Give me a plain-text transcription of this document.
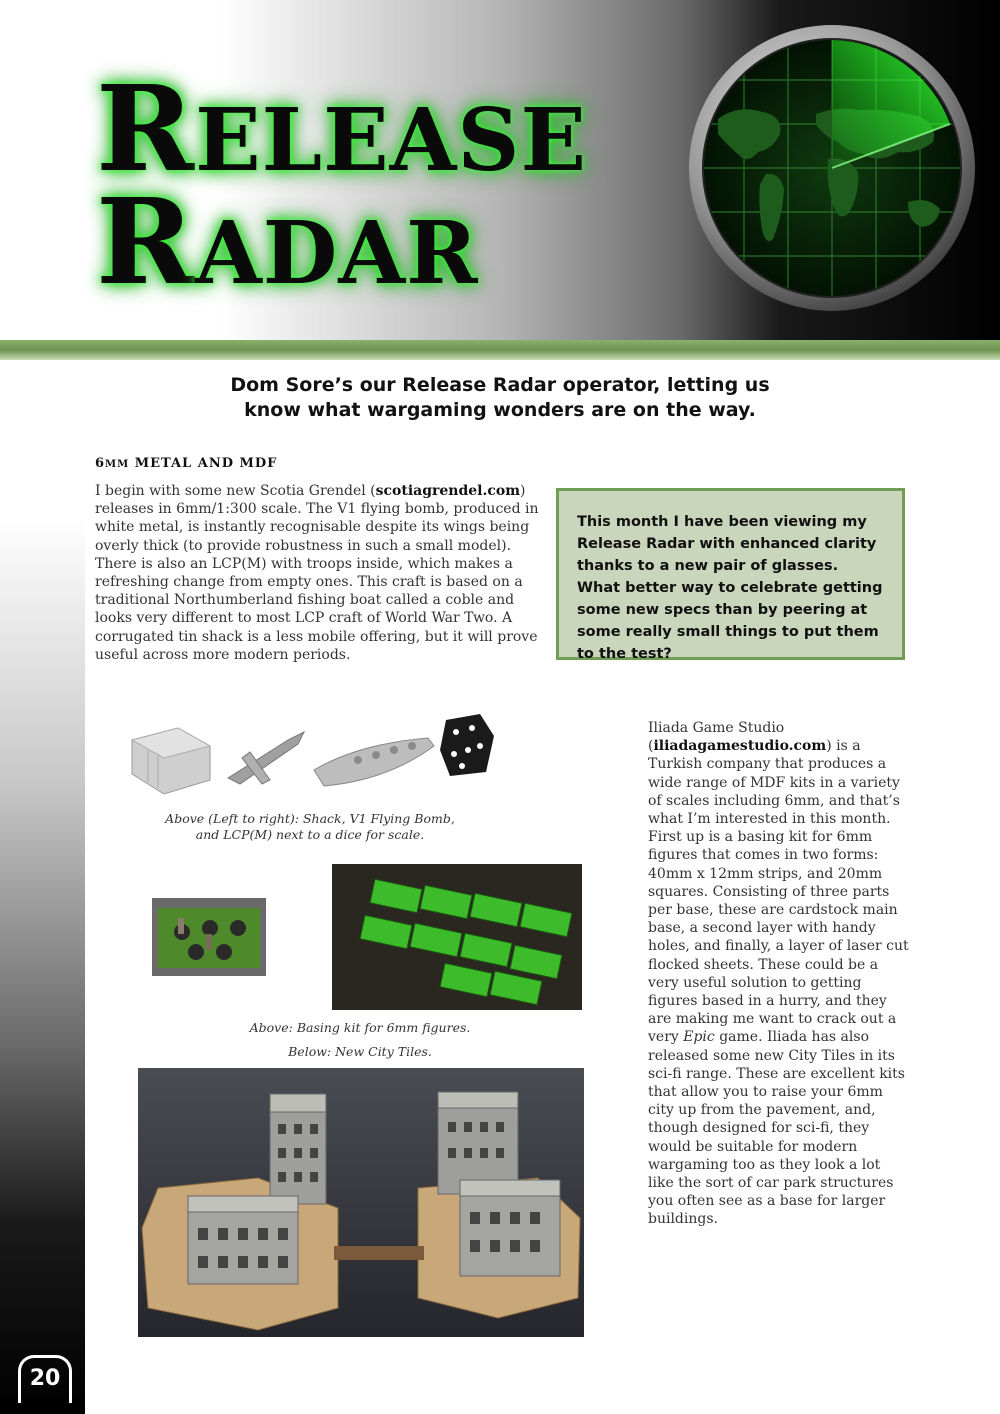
RELEASE
RADAR
20

Dom Sore’s our Release Radar operator, letting us know what wargaming wonders are on the way.

6MM METAL AND MDF

I begin with some new Scotia Grendel (scotiagrendel.com) releases in 6mm/1:300 scale. The V1 flying bomb, produced in white metal, is instantly recognisable despite its wings being overly thick (to provide robustness in such a small model). There is also an LCP(M) with troops inside, which makes a refreshing change from empty ones. This craft is based on a traditional Northumberland fishing boat called a coble and looks very different to most LCP craft of World War Two. A corrugated tin shack is a less mobile offering, but it will prove useful across more modern periods.

This month I have been viewing my Release Radar with enhanced clarity thanks to a new pair of glasses. What better way to celebrate getting some new specs than by peering at some really small things to put them to the test?

Above (Left to right): Shack, V1 Flying Bomb,
and LCP(M) next to a dice for scale.

Above: Basing kit for 6mm figures.

Below: New City Tiles.

Iliada Game Studio (iliadagamestudio.com) is a Turkish company that produces a wide range of MDF kits in a variety of scales including 6mm, and that’s what I’m interested in this month. First up is a basing kit for 6mm figures that comes in two forms: 40mm x 12mm strips, and 20mm squares. Consisting of three parts per base, these are cardstock main base, a second layer with handy holes, and finally, a layer of laser cut flocked sheets. These could be a very useful solution to getting figures based in a hurry, and they are making me want to crack out a very Epic game. Iliada has also released some new City Tiles in its sci-fi range. These are excellent kits that allow you to raise your 6mm city up from the pavement, and, though designed for sci-fi, they would be suitable for modern wargaming too as they look a lot like the sort of car park structures you often see as a base for larger buildings.
